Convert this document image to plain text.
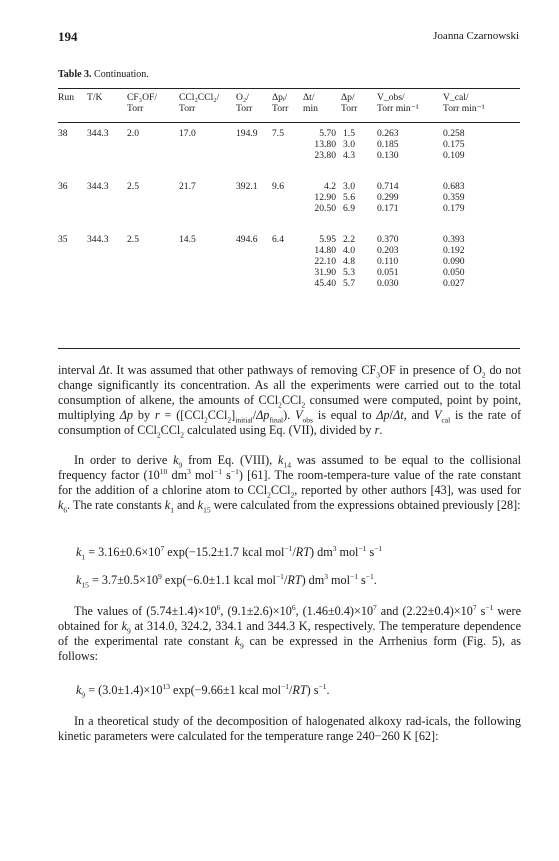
194	Joanna Czarnowski
Table 3. Continuation.
Run	T/K	CF₃OF/	CCl₂CCl₂/	O₂/	Δpᵢ/	Δt/	Δp/	V_obs/	V_cal/
		Torr	Torr	Torr	Torr	min	Torr	Torr min⁻¹	Torr min⁻¹

38	344.3	2.0	17.0	194.9	7.5	5.70	1.5	0.263	0.258
						13.80	3.0	0.185	0.175
						23.80	4.3	0.130	0.109

36	344.3	2.5	21.7	392.1	9.6	4.2	3.0	0.714	0.683
						12.90	5.6	0.299	0.359
						20.50	6.9	0.171	0.179

35	344.3	2.5	14.5	494.6	6.4	5.95	2.2	0.370	0.393
						14.80	4.0	0.203	0.192
						22.10	4.8	0.110	0.090
						31.90	5.3	0.051	0.050
						45.40	5.7	0.030	0.027

interval Δt. It was assumed that other pathways of removing $CF_3OF$ in presence of $O_2$ do not change significantly its concentration. As all the experiments were carried out to the total consumption of alkene, the amounts of CCl$_2$CCl$_2$ consumed were computed, point by point, multiplying Δp by $r = ([CCl_2CCl_2]_{initial}/\Delta p_{final})$. $V_{obs}$ is equal to Δp/Δt, and $V_{cal}$ is the rate of consumption of CCl$_2$CCl$_2$ calculated using Eq. (VII), divided by r.

In order to derive $k_9$ from Eq. (VIII), $k_{14}$ was assumed to be equal to the collisional frequency factor ($10^{10}$ $dm^3$ mol$^{-1}$ $s^{-1}$) [61]. The room-tempera-ture value of the rate constant for the addition of a chlorine atom to CCl$_2$CCl$_2$, reported by other authors [43], was used for $k_6$. The rate constants $k_1$ and $k_{15}$ were calculated from the expressions obtained previously [28]:

$k_1 = 3.16\pm 0.6\times 10^7$ exp(−15.2±1.7 kcal mol$^{-1}$/RT) $dm^3$ mol$^{-1}$ $s^{-1}$
$k_{15} = 3.7\pm 0.5\times 10^9$ exp(−6.0±1.1 kcal mol$^{-1}$/RT) $dm^3$ mol$^{-1}$ $s^{-1}$.

The values of $(5.74\pm 1.4)\times 10^6$, $(9.1\pm 2.6)\times 10^6$, $(1.46\pm 0.4)\times 10^7$ and $(2.22\pm 0.4)\times 10^7$ $s^{-1}$ were obtained for $k_9$ at 314.0, 324.2, 334.1 and 344.3 K, respectively. The temperature dependence of the experimental rate constant $k_9$ can be expressed in the Arrhenius form (Fig. 5), as follows:

$k_9 = (3.0\pm 1.4)\times 10^{13}$ exp(−9.66±1 kcal mol$^{-1}$/RT) $s^{-1}$.

In a theoretical study of the decomposition of halogenated alkoxy rad-icals, the following kinetic parameters were calculated for the temperature range 240−260 K [62]:
